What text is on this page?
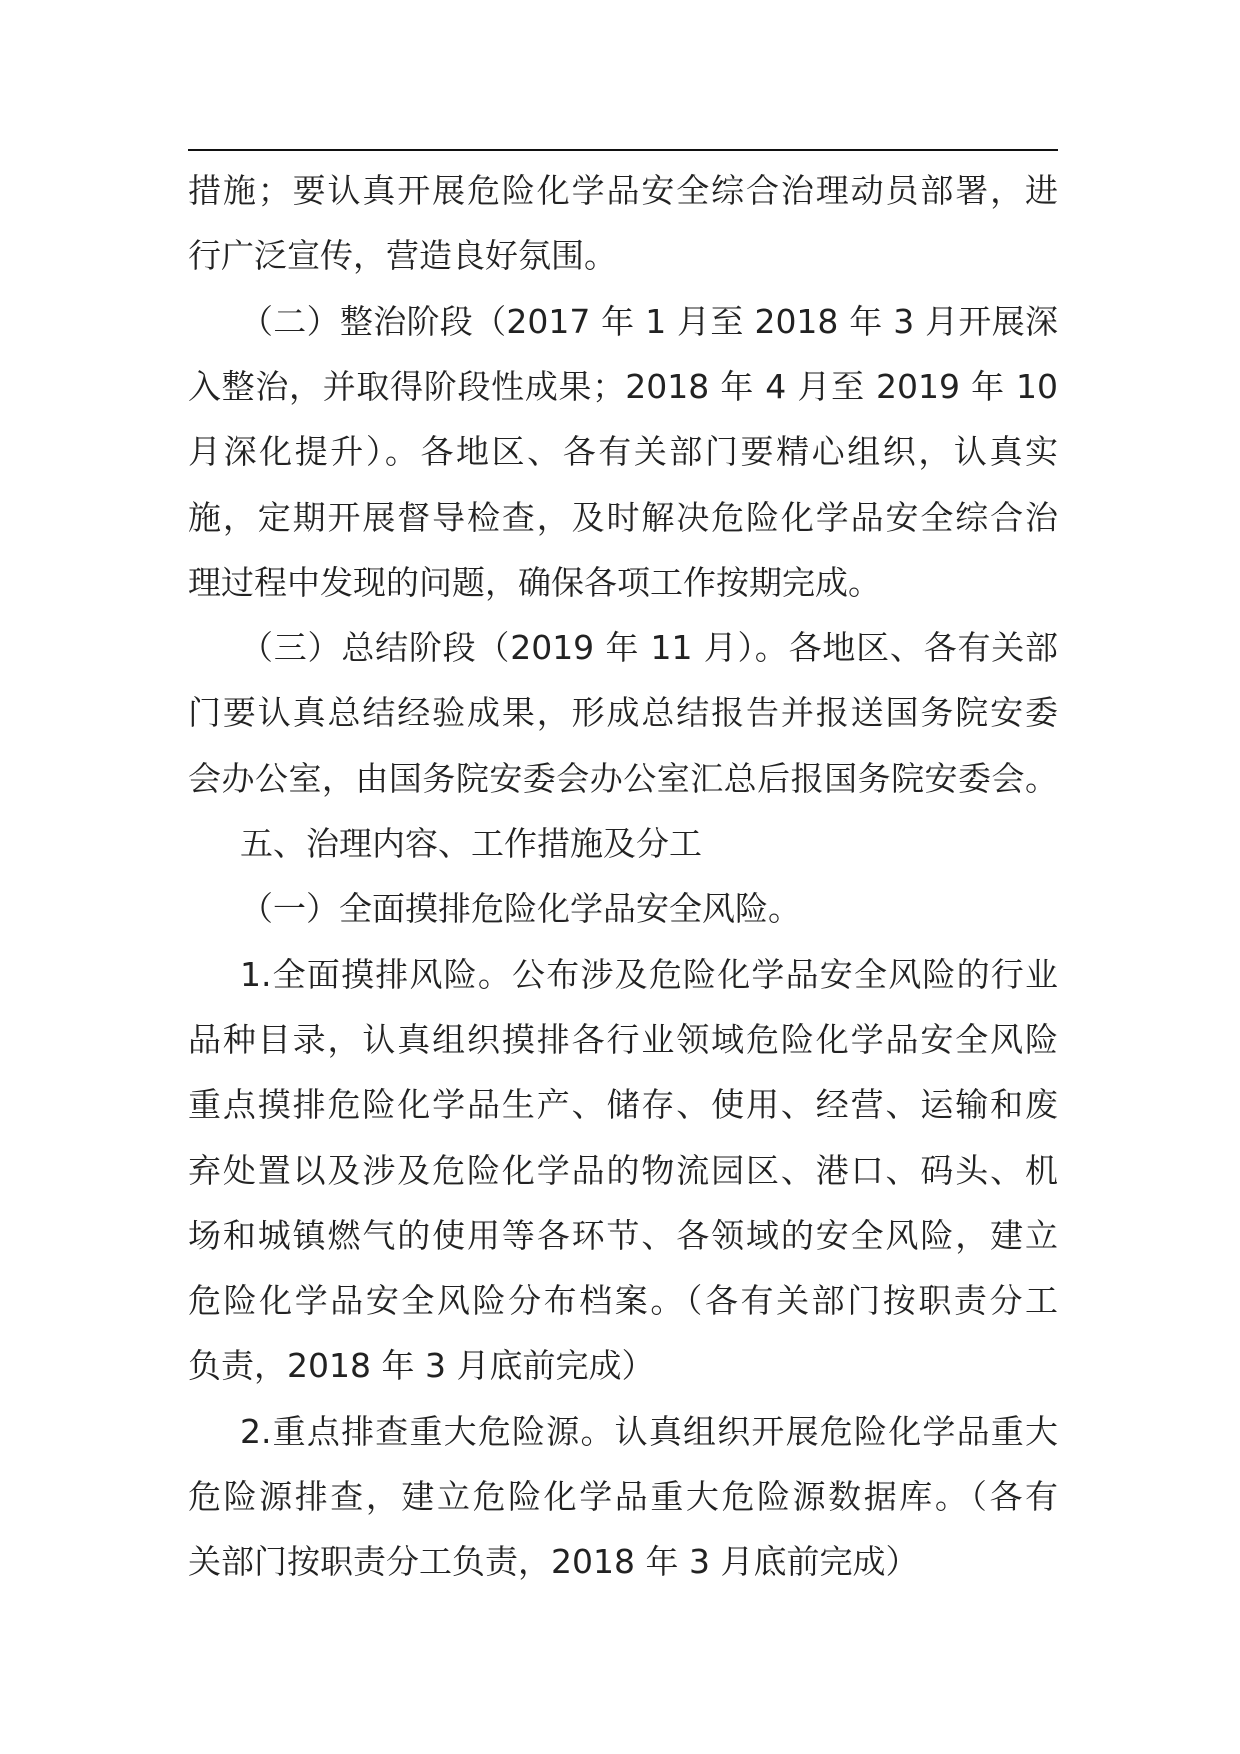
措施；要认真开展危险化学品安全综合治理动员部署，进
行广泛宣传，营造良好氛围。
（二）整治阶段（2017 年 1 月至 2018 年 3 月开展深
入整治，并取得阶段性成果；2018 年 4 月至 2019 年 10
月深化提升）。各地区、各有关部门要精心组织，认真实
施，定期开展督导检查，及时解决危险化学品安全综合治
理过程中发现的问题，确保各项工作按期完成。
（三）总结阶段（2019 年 11 月）。各地区、各有关部
门要认真总结经验成果，形成总结报告并报送国务院安委
会办公室，由国务院安委会办公室汇总后报国务院安委会。
五、治理内容、工作措施及分工
（一）全面摸排危险化学品安全风险。
1.全面摸排风险。公布涉及危险化学品安全风险的行业
品种目录，认真组织摸排各行业领域危险化学品安全风险
重点摸排危险化学品生产、储存、使用、经营、运输和废
弃处置以及涉及危险化学品的物流园区、港口、码头、机
场和城镇燃气的使用等各环节、各领域的安全风险，建立
危险化学品安全风险分布档案。（各有关部门按职责分工
负责，2018 年 3 月底前完成）
2.重点排查重大危险源。认真组织开展危险化学品重大
危险源排查，建立危险化学品重大危险源数据库。（各有
关部门按职责分工负责，2018 年 3 月底前完成）
